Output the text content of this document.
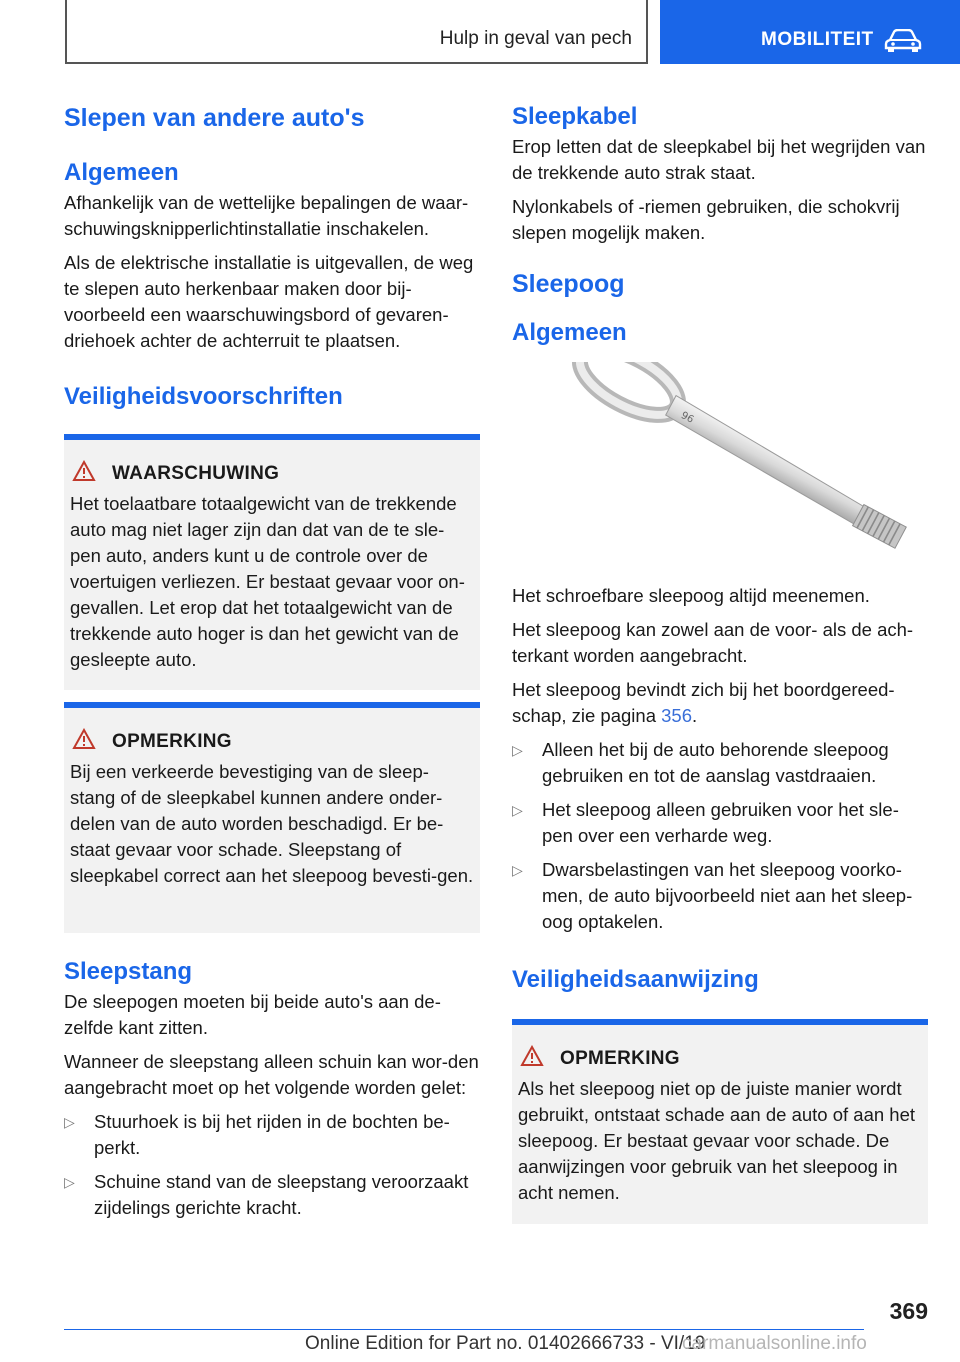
Hulp in geval van pech	MOBILITEIT
Slepen van andere auto's
Algemeen

Afhankelijk van de wettelijke bepalingen de waar‐schuwingsknipperlichtinstallatie inschakelen.

Als de elektrische installatie is uitgevallen, de weg te slepen auto herkenbaar maken door bij‐voorbeeld een waarschuwingsbord of gevaren‐driehoek achter de achterruit te plaatsen.

Veiligheidsvoorschriften
WAARSCHUWING
Het toelaatbare totaalgewicht van de trekkende auto mag niet lager zijn dan dat van de te sle‐pen auto, anders kunt u de controle over de voertuigen verliezen. Er bestaat gevaar voor on‐gevallen. Let erop dat het totaalgewicht van de trekkende auto hoger is dan het gewicht van de gesleepte auto.
OPMERKING
Bij een verkeerde bevestiging van de sleep‐stang of de sleepkabel kunnen andere onder‐delen van de auto worden beschadigd. Er be‐staat gevaar voor schade. Sleepstang of sleepkabel correct aan het sleepoog bevesti‐gen.
Sleepstang

De sleepogen moeten bij beide auto's aan de‐zelfde kant zitten.

Wanneer de sleepstang alleen schuin kan wor‐den aangebracht moet op het volgende worden gelet:

▷ Stuurhoek is bij het rijden in de bochten be‐perkt.
▷ Schuine stand van de sleepstang veroorzaakt zijdelings gerichte kracht.
Sleepkabel

Erop letten dat de sleepkabel bij het wegrijden van de trekkende auto strak staat.

Nylonkabels of -riemen gebruiken, die schokvrij slepen mogelijk maken.

Sleepoog
Algemeen
96

Het schroefbare sleepoog altijd meenemen.

Het sleepoog kan zowel aan de voor- als de ach‐terkant worden aangebracht.

Het sleepoog bevindt zich bij het boordgereed‐schap, zie pagina 356.

▷ Alleen het bij de auto behorende sleepoog gebruiken en tot de aanslag vastdraaien.
▷ Het sleepoog alleen gebruiken voor het sle‐pen over een verharde weg.
▷ Dwarsbelastingen van het sleepoog voorko‐men, de auto bijvoorbeeld niet aan het sleep‐oog optakelen.
Veiligheidsaanwijzing
OPMERKING
Als het sleepoog niet op de juiste manier wordt gebruikt, ontstaat schade aan de auto of aan het sleepoog. Er bestaat gevaar voor schade. De aanwijzingen voor gebruik van het sleepoog in acht nemen.
369
Online Edition for Part no. 01402666733 - VI/19
carmanualsonline.info
